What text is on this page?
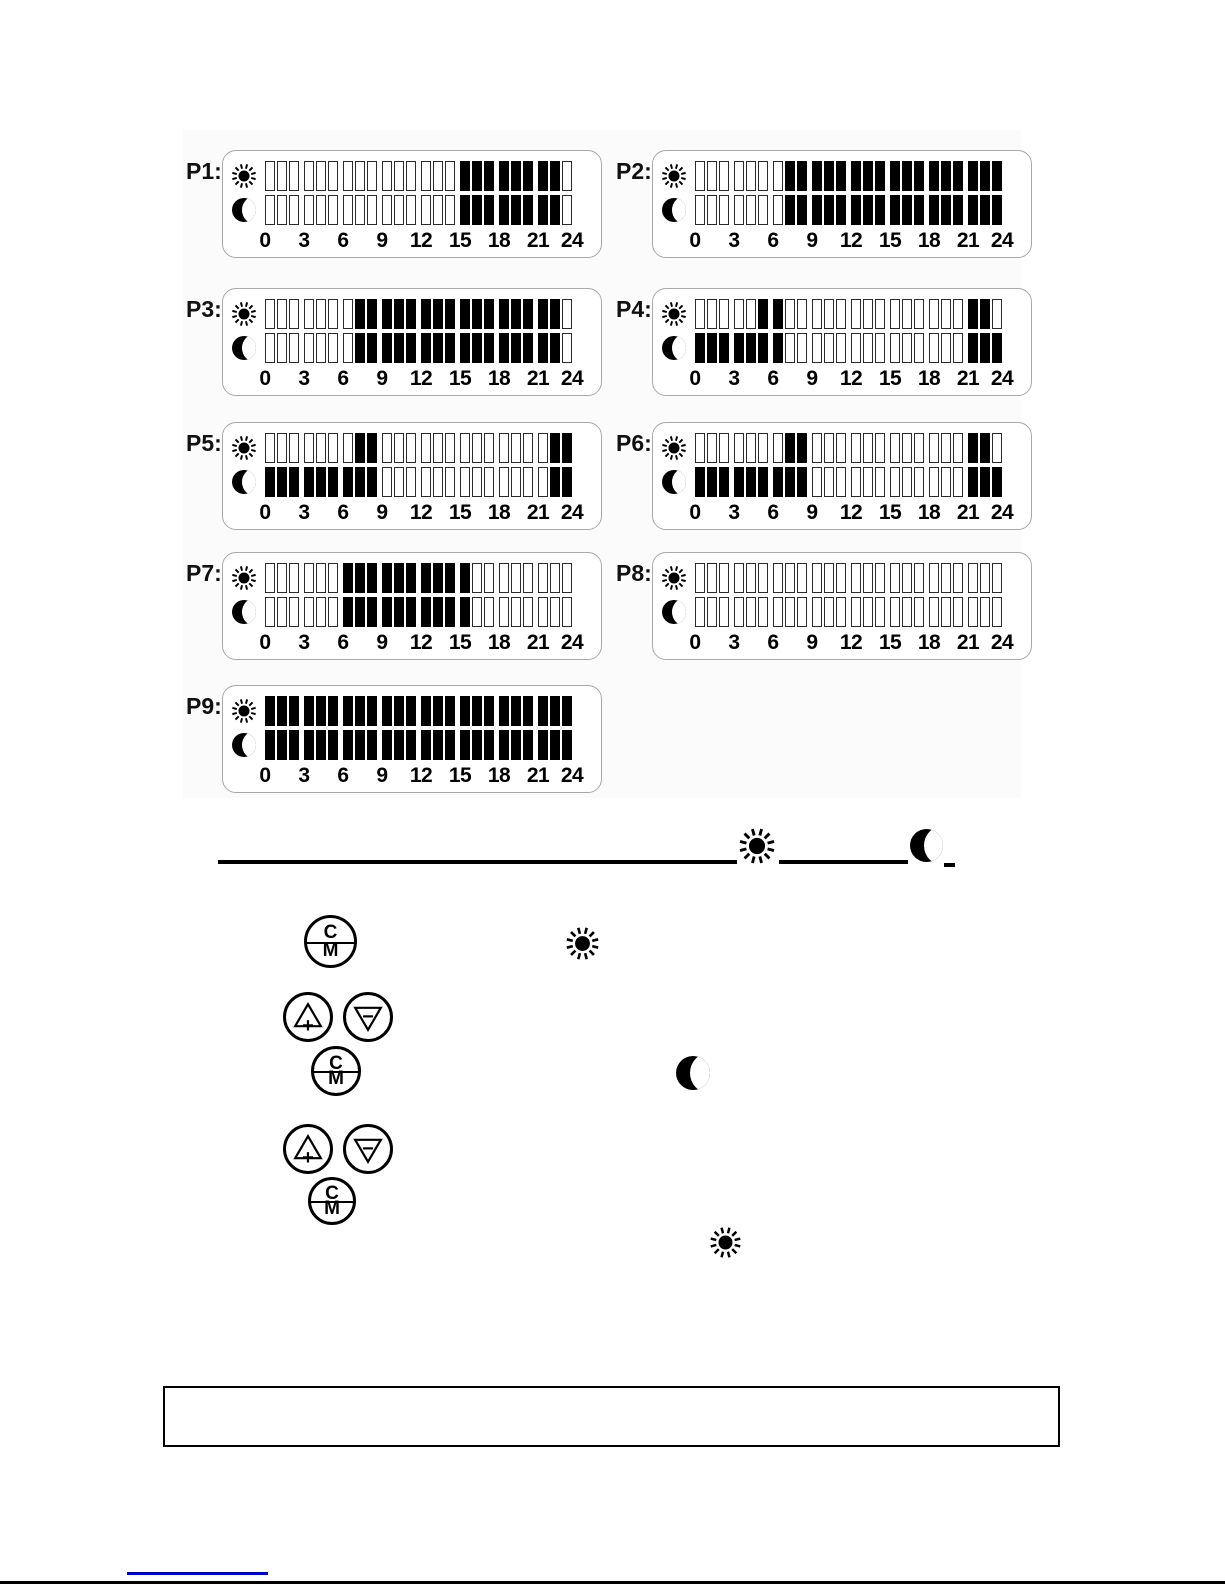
P1:
0 3 6 9 12 15 18 21 24
P2:
0 3 6 9 12 15 18 21 24
P3:
0 3 6 9 12 15 18 21 24
P4:
0 3 6 9 12 15 18 21 24
P5:
0 3 6 9 12 15 18 21 24
P6:
0 3 6 9 12 15 18 21 24
P7:
0 3 6 9 12 15 18 21 24
P8:
0 3 6 9 12 15 18 21 24
P9:
0 3 6 9 12 15 18 21 24
C
M
+	−
C
M
+	−
C
M
